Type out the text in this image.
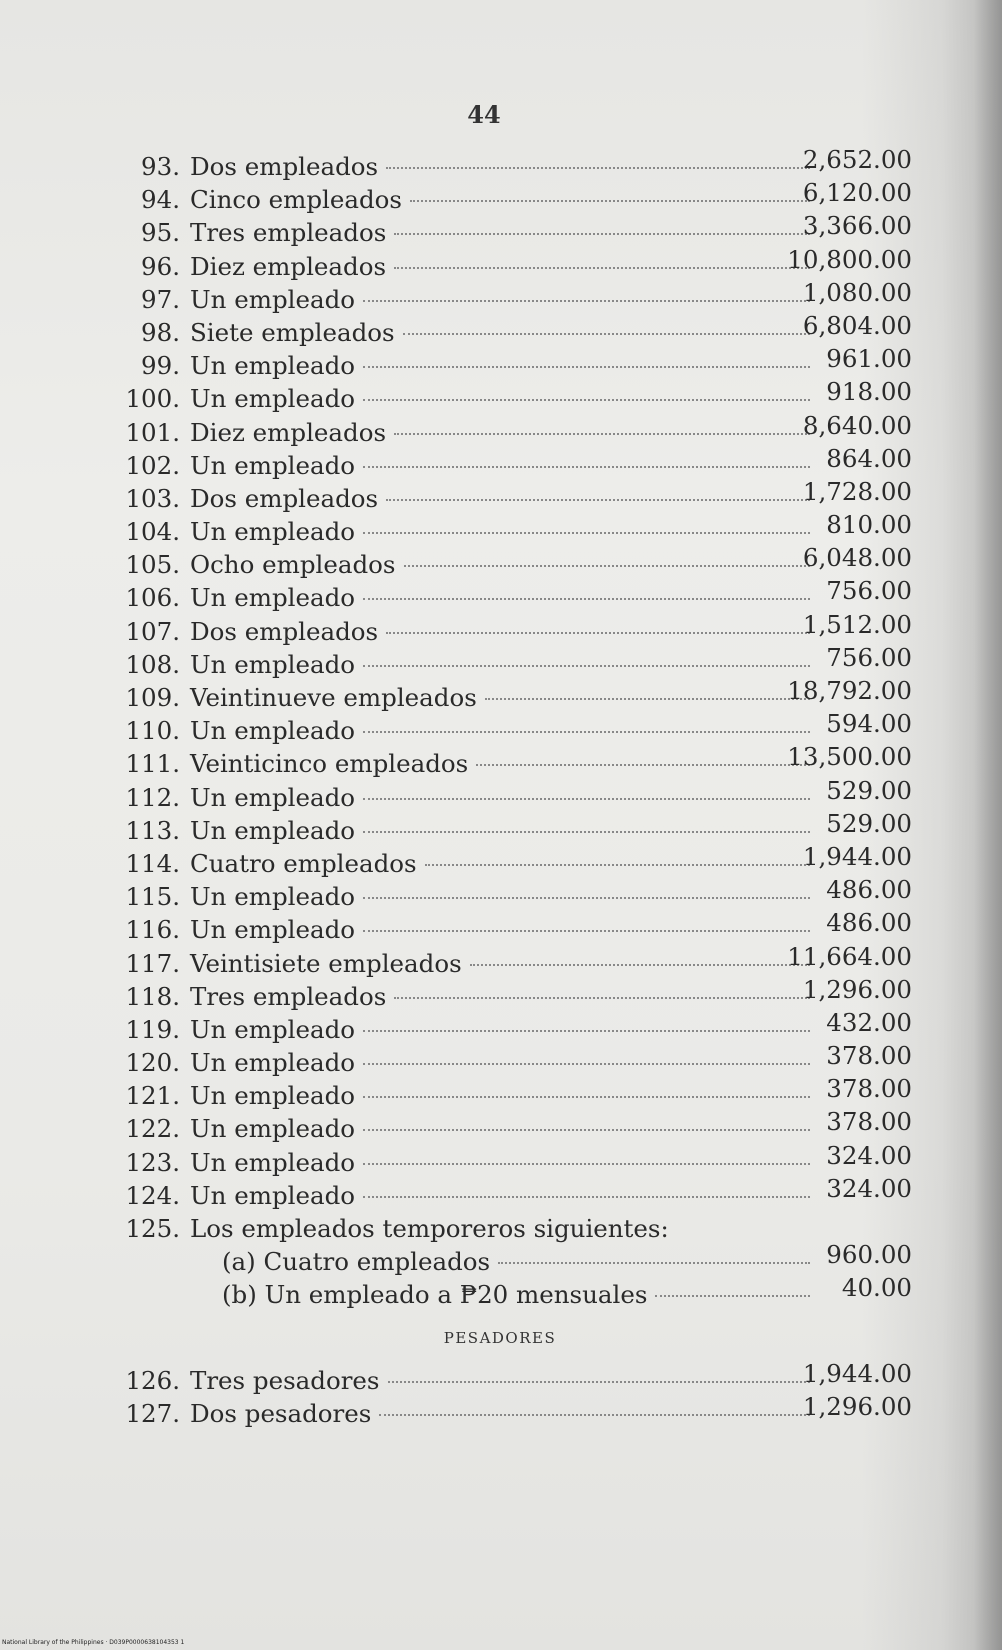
44
93. Dos empleados	2,652.00
94. Cinco empleados	6,120.00
95. Tres empleados	3,366.00
96. Diez empleados	10,800.00
97. Un empleado	1,080.00
98. Siete empleados	6,804.00
99. Un empleado	961.00
100. Un empleado	918.00
101. Diez empleados	8,640.00
102. Un empleado	864.00
103. Dos empleados	1,728.00
104. Un empleado	810.00
105. Ocho empleados	6,048.00
106. Un empleado	756.00
107. Dos empleados	1,512.00
108. Un empleado	756.00
109. Veintinueve empleados	18,792.00
110. Un empleado	594.00
111. Veinticinco empleados	13,500.00
112. Un empleado	529.00
113. Un empleado	529.00
114. Cuatro empleados	1,944.00
115. Un empleado	486.00
116. Un empleado	486.00
117. Veintisiete empleados	11,664.00
118. Tres empleados	1,296.00
119. Un empleado	432.00
120. Un empleado	378.00
121. Un empleado	378.00
122. Un empleado	378.00
123. Un empleado	324.00
124. Un empleado	324.00
125. Los empleados temporeros siguientes:
(a) Cuatro empleados	960.00
(b) Un empleado a ₱20 mensuales	40.00
PESADORES
126. Tres pesadores	1,944.00
127. Dos pesadores	1,296.00
National Library of the Philippines · D039P0000638104353 1
